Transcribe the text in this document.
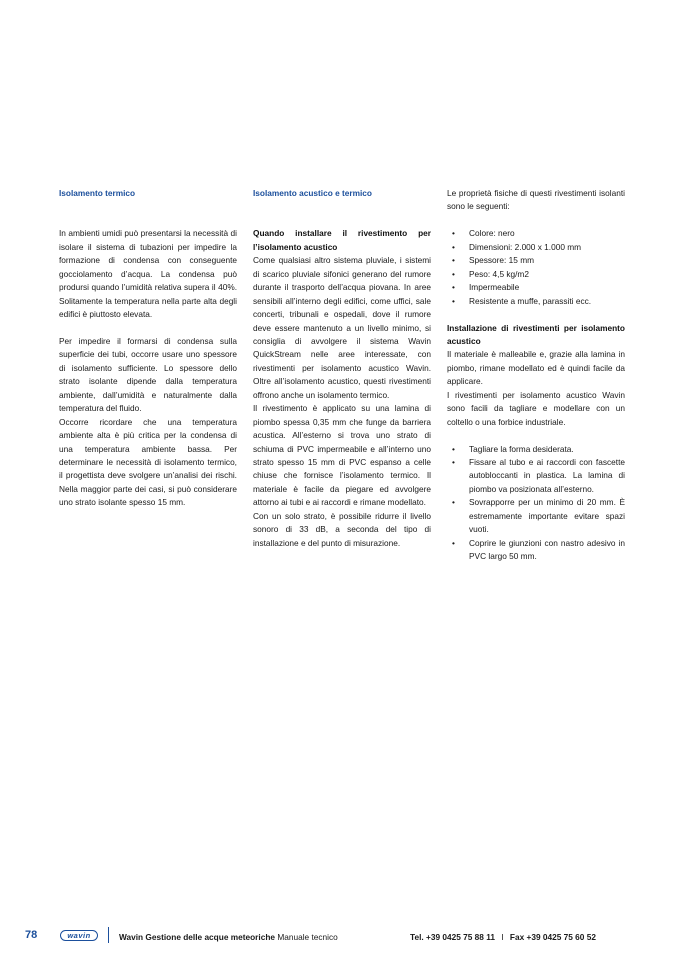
Isolamento termico

In ambienti umidi può presentarsi la necessità di isolare il sistema di tubazioni per impedire la formazione di condensa con conseguente gocciolamento d’acqua. La condensa può prodursi quando l’umidità relativa supera il 40%. Solitamente la temperatura nella parte alta degli edifici è piuttosto elevata.

Per impedire il formarsi di condensa sulla superficie dei tubi, occorre usare uno spessore di isolamento sufficiente. Lo spessore dello strato isolante dipende dalla temperatura ambiente, dall’umidità e naturalmente dalla temperatura del fluido.

Occorre ricordare che una temperatura ambiente alta è più critica per la condensa di una temperatura ambiente bassa. Per determinare le necessità di isolamento termico, il progettista deve svolgere un’analisi dei rischi. Nella maggior parte dei casi, si può considerare uno strato isolante spesso 15 mm.

Isolamento acustico e termico

Quando installare il rivestimento per l’isolamento acustico

Come qualsiasi altro sistema pluviale, i sistemi di scarico pluviale sifonici generano del rumore durante il trasporto dell’acqua piovana. In aree sensibili all’interno degli edifici, come uffici, sale concerti, tribunali e ospedali, dove il rumore deve essere mantenuto a un livello minimo, si consiglia di avvolgere il sistema Wavin QuickStream nelle aree interessate, con rivestimenti per isolamento acustico Wavin. Oltre all’isolamento acustico, questi rivestimenti offrono anche un isolamento termico.

Il rivestimento è applicato su una lamina di piombo spessa 0,35 mm che funge da barriera acustica. All’esterno si trova uno strato di schiuma di PVC impermeabile e all’interno uno strato spesso 15 mm di PVC espanso a celle chiuse che fornisce l’isolamento termico. Il materiale è facile da piegare ed avvolgere attorno ai tubi e ai raccordi e rimane modellato.

Con un solo strato, è possibile ridurre il livello sonoro di 33 dB, a seconda del tipo di installazione e del punto di misurazione.

Le proprietà fisiche di questi rivestimenti isolanti sono le seguenti:

• Colore: nero
• Dimensioni: 2.000 x 1.000 mm
• Spessore: 15 mm
• Peso: 4,5 kg/m2
• Impermeabile
• Resistente a muffe, parassiti ecc.

Installazione di rivestimenti per isolamento acustico

Il materiale è malleabile e, grazie alla lamina in piombo, rimane modellato ed è quindi facile da applicare.

I rivestimenti per isolamento acustico Wavin sono facili da tagliare e modellare con un coltello o una forbice industriale.

• Tagliare la forma desiderata.
• Fissare al tubo e ai raccordi con fascette autobloccanti in plastica. La lamina di piombo va posizionata all’esterno.
• Sovrapporre per un minimo di 20 mm. È estremamente importante evitare spazi vuoti.
• Coprire le giunzioni con nastro adesivo in PVC largo 50 mm.
78	wavin	Wavin Gestione delle acque meteoriche Manuale tecnico	Tel. +39 0425 75 88 11 I Fax +39 0425 75 60 52
